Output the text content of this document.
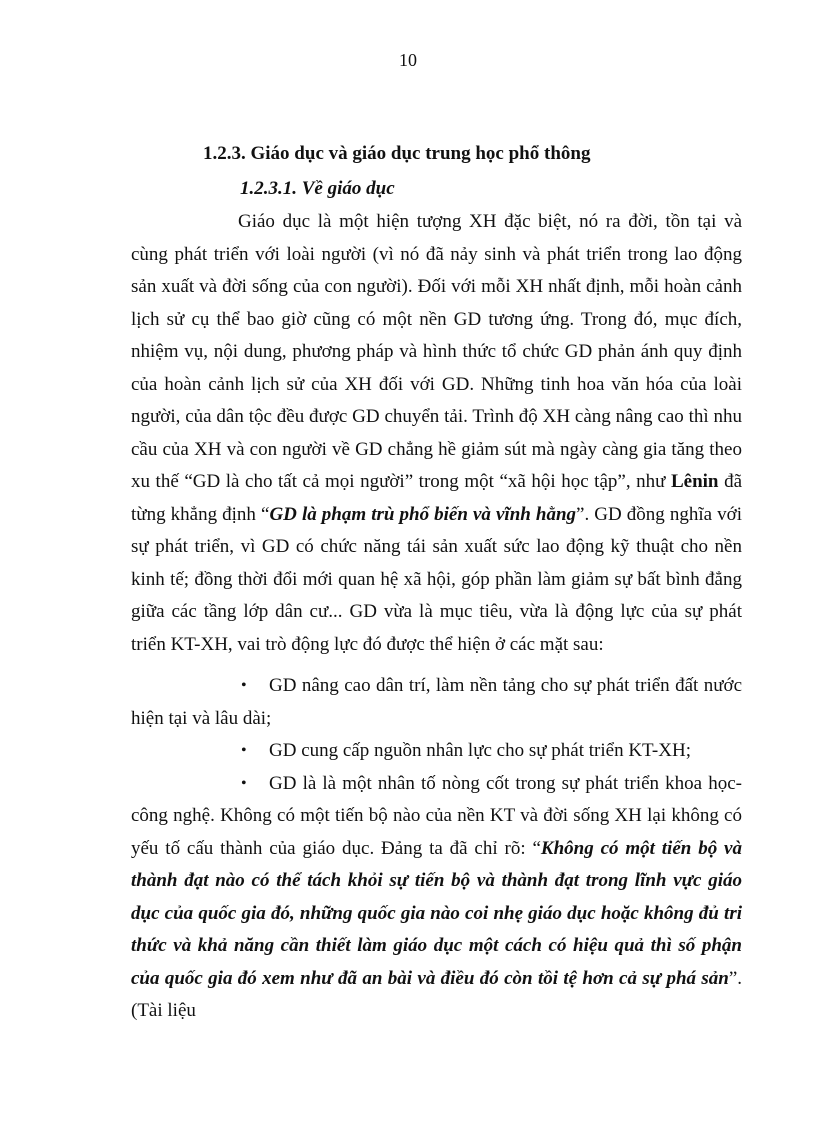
10
1.2.3. Giáo dục và giáo dục trung học phổ thông
1.2.3.1. Về giáo dục

Giáo dục là một hiện tượng XH đặc biệt, nó ra đời, tồn tại và cùng phát triển với loài người (vì nó đã nảy sinh và phát triển trong lao động sản xuất và đời sống của con người). Đối với mỗi XH nhất định, mỗi hoàn cảnh lịch sử cụ thể bao giờ cũng có một nền GD tương ứng. Trong đó, mục đích, nhiệm vụ, nội dung, phương pháp và hình thức tổ chức GD phản ánh quy định của hoàn cảnh lịch sử của XH đối với GD. Những tinh hoa văn hóa của loài người, của dân tộc đều được GD chuyển tải. Trình độ XH càng nâng cao thì nhu cầu của XH và con người về GD chẳng hề giảm sút mà ngày càng gia tăng theo xu thế “GD là cho tất cả mọi người” trong một “xã hội học tập”, như Lênin đã từng khẳng định “GD là phạm trù phổ biến và vĩnh hằng”. GD đồng nghĩa với sự phát triển, vì GD có chức năng tái sản xuất sức lao động kỹ thuật cho nền kinh tế; đồng thời đổi mới quan hệ xã hội, góp phần làm giảm sự bất bình đẳng giữa các tầng lớp dân cư... GD vừa là mục tiêu, vừa là động lực của sự phát triển KT-XH, vai trò động lực đó được thể hiện ở các mặt sau:

• GD nâng cao dân trí, làm nền tảng cho sự phát triển đất nước hiện tại và lâu dài;
• GD cung cấp nguồn nhân lực cho sự phát triển KT-XH;
• GD là là một nhân tố nòng cốt trong sự phát triển khoa học-công nghệ. Không có một tiến bộ nào của nền KT và đời sống XH lại không có yếu tố cấu thành của giáo dục. Đảng ta đã chỉ rõ: “Không có một tiến bộ và thành đạt nào có thể tách khỏi sự tiến bộ và thành đạt trong lĩnh vực giáo dục của quốc gia đó, những quốc gia nào coi nhẹ giáo dục hoặc không đủ tri thức và khả năng cần thiết làm giáo dục một cách có hiệu quả thì số phận của quốc gia đó xem như đã an bài và điều đó còn tồi tệ hơn cả sự phá sản”. (Tài liệu
